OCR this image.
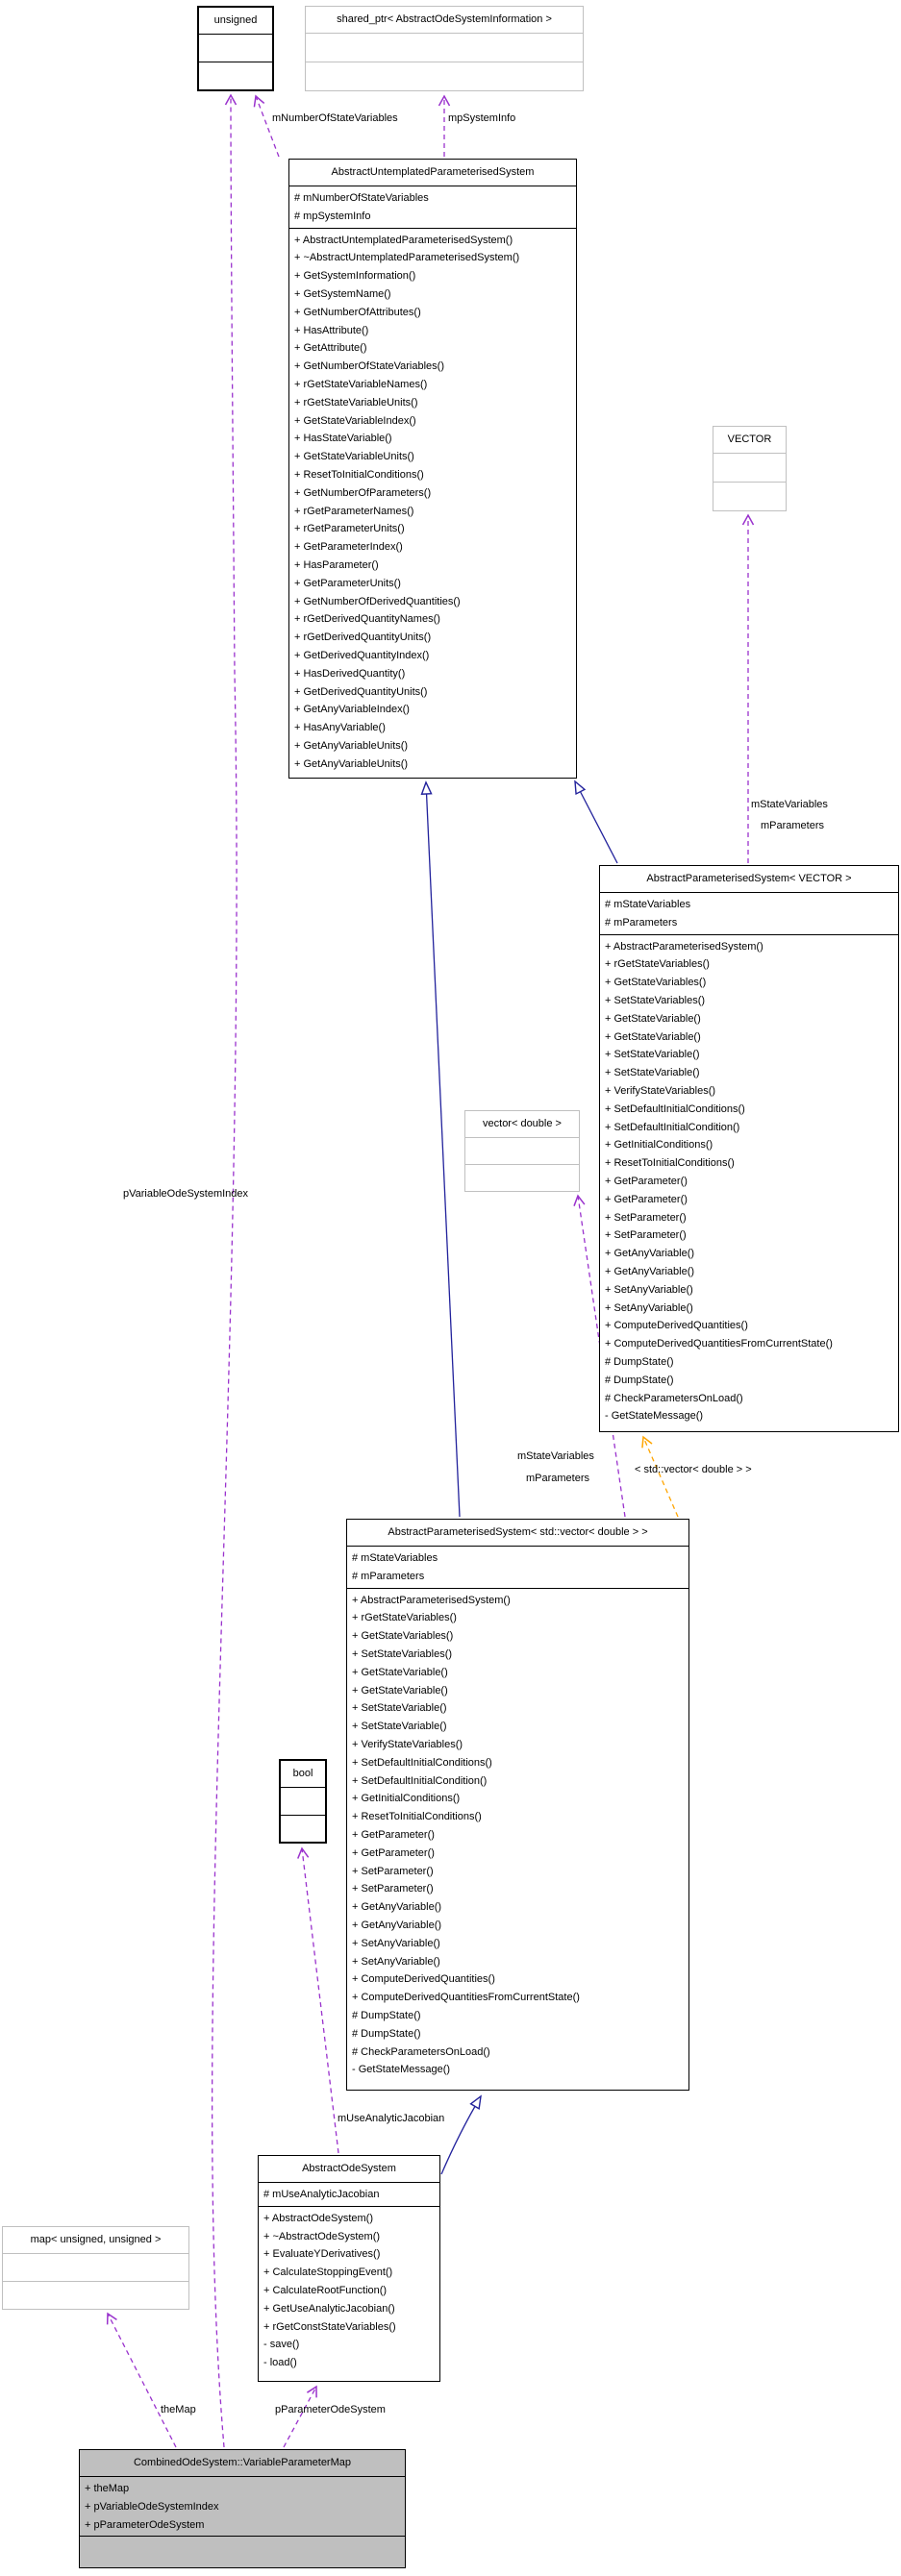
unsigned	shared_ptr< AbstractOdeSystemInformation >
AbstractUntemplatedParameterisedSystem
# mNumberOfStateVariables
# mpSystemInfo
+ AbstractUntemplatedParameterisedSystem()
+ ~AbstractUntemplatedParameterisedSystem()
+ GetSystemInformation()
+ GetSystemName()
+ GetNumberOfAttributes()
+ HasAttribute()
+ GetAttribute()
+ GetNumberOfStateVariables()
+ rGetStateVariableNames()
+ rGetStateVariableUnits()
+ GetStateVariableIndex()
+ HasStateVariable()
+ GetStateVariableUnits()
+ ResetToInitialConditions()
+ GetNumberOfParameters()
+ rGetParameterNames()
+ rGetParameterUnits()
+ GetParameterIndex()
+ HasParameter()
+ GetParameterUnits()
+ GetNumberOfDerivedQuantities()
+ rGetDerivedQuantityNames()
+ rGetDerivedQuantityUnits()
+ GetDerivedQuantityIndex()
+ HasDerivedQuantity()
+ GetDerivedQuantityUnits()
+ GetAnyVariableIndex()
+ HasAnyVariable()
+ GetAnyVariableUnits()
+ GetAnyVariableUnits()
VECTOR
AbstractParameterisedSystem< VECTOR >
# mStateVariables
# mParameters
+ AbstractParameterisedSystem()
+ rGetStateVariables()
+ GetStateVariables()
+ SetStateVariables()
+ GetStateVariable()
+ GetStateVariable()
+ SetStateVariable()
+ SetStateVariable()
+ VerifyStateVariables()
+ SetDefaultInitialConditions()
+ SetDefaultInitialCondition()
+ GetInitialConditions()
+ ResetToInitialConditions()
+ GetParameter()
+ GetParameter()
+ SetParameter()
+ SetParameter()
+ GetAnyVariable()
+ GetAnyVariable()
+ SetAnyVariable()
+ SetAnyVariable()
+ ComputeDerivedQuantities()
+ ComputeDerivedQuantitiesFromCurrentState()
# DumpState()
# DumpState()
# CheckParametersOnLoad()
- GetStateMessage()
vector< double >
AbstractParameterisedSystem< std::vector< double > >
# mStateVariables
# mParameters
+ AbstractParameterisedSystem()
+ rGetStateVariables()
+ GetStateVariables()
+ SetStateVariables()
+ GetStateVariable()
+ GetStateVariable()
+ SetStateVariable()
+ SetStateVariable()
+ VerifyStateVariables()
+ SetDefaultInitialConditions()
+ SetDefaultInitialCondition()
+ GetInitialConditions()
+ ResetToInitialConditions()
+ GetParameter()
+ GetParameter()
+ SetParameter()
+ SetParameter()
+ GetAnyVariable()
+ GetAnyVariable()
+ SetAnyVariable()
+ SetAnyVariable()
+ ComputeDerivedQuantities()
+ ComputeDerivedQuantitiesFromCurrentState()
# DumpState()
# DumpState()
# CheckParametersOnLoad()
- GetStateMessage()
bool
AbstractOdeSystem
# mUseAnalyticJacobian
+ AbstractOdeSystem()
+ ~AbstractOdeSystem()
+ EvaluateYDerivatives()
+ CalculateStoppingEvent()
+ CalculateRootFunction()
+ GetUseAnalyticJacobian()
+ rGetConstStateVariables()
- save()
- load()
map< unsigned, unsigned >
CombinedOdeSystem::VariableParameterMap
+ theMap
+ pVariableOdeSystemIndex
+ pParameterOdeSystem
mNumberOfStateVariables	mpSystemInfo
mStateVariables
mParameters
pVariableOdeSystemIndex
mStateVariables
mParameters
< std::vector< double > >
mUseAnalyticJacobian
theMap	pParameterOdeSystem
